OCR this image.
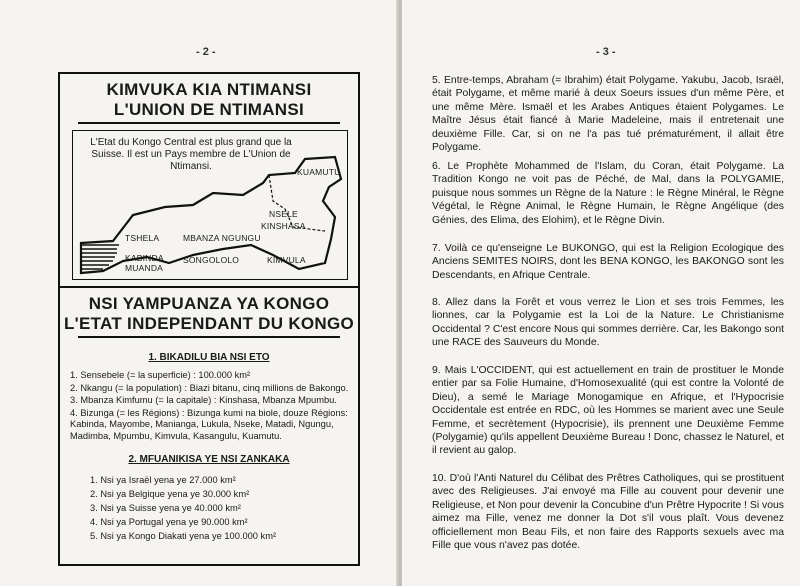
- 2 -
KIMVUKA KIA NTIMANSI
L'UNION DE NTIMANSI
L'Etat du Kongo Central est plus grand que la Suisse. Il est un Pays membre de L'Union de Ntimansi.	KUAMUTU
NSELE
KINSHASA
TSHELA	MBANZA NGUNGU
KABINDA
MUANDA
SONGOLOLO	KIMVULA
NSI YAMPUANZA YA KONGO
L'ETAT INDEPENDANT DU KONGO
1. BIKADILU BIA NSI ETO
1. Sensebele (= la superficie) : 100.000 km²
2. Nkangu (= la population) : Biazi bitanu, cinq millions de Bakongo.
3. Mbanza Kimfumu (= la capitale) : Kinshasa, Mbanza Mpumbu.
4. Bizunga (= les Régions) : Bizunga kumi na biole, douze Régions: Kabinda, Mayombe, Manianga, Lukula, Nseke, Matadi, Ngungu, Madimba, Mpumbu, Kimvula, Kasangulu, Kuamutu.
2. MFUANIKISA YE NSI ZANKAKA
1. Nsi ya Israël yena ye 27.000 km²
2. Nsi ya Belgique yena ye 30.000 km²
3. Nsi ya Suisse yena ye 40.000 km²
4. Nsi ya Portugal yena ye 90.000 km²
5. Nsi ya Kongo Diakati yena ye 100.000 km²
- 3 -
5. Entre-temps, Abraham (= Ibrahim) était Polygame. Yakubu, Jacob, Israël, était Polygame, et même marié à deux Soeurs issues d'un même Père, et une même Mère. Ismaël et les Arabes Antiques étaient Polygames. Le Maître Jésus était fiancé à Marie Madeleine, mais il entretenait une deuxième Fille. Car, si on ne l'a pas tué prématurément, il allait être Polygame.
6. Le Prophète Mohammed de l'Islam, du Coran, était Polygame. La Tradition Kongo ne voit pas de Péché, de Mal, dans la POLYGAMIE, puisque nous sommes un Règne de la Nature : le Règne Minéral, le Règne Végétal, le Règne Animal, le Règne Humain, le Règne Angélique (des Génies, des Elima, des Elohim), et le Règne Divin.
7. Voilà ce qu'enseigne Le BUKONGO, qui est la Religion Ecologique des Anciens SEMITES NOIRS, dont les BENA KONGO, les BAKONGO sont les Descendants, en Afrique Centrale.
8. Allez dans la Forêt et vous verrez le Lion et ses trois Femmes, les lionnes, car la Polygamie est la Loi de la Nature. Le Christianisme Occidental ? C'est encore Nous qui sommes derrière. Car, les Bakongo sont une RACE des Sauveurs du Monde.
9. Mais L'OCCIDENT, qui est actuellement en train de prostituer le Monde entier par sa Folie Humaine, d'Homosexualité (qui est contre la Volonté de Dieu), a semé le Mariage Monogamique en Afrique, et l'Hypocrisie Occidentale est entrée en RDC, où les Hommes se marient avec une Seule Femme, et secrètement (Hypocrisie), ils prennent une Deuxième Femme (Polygamie) qu'ils appellent Deuxième Bureau ! Donc, chassez le Naturel, et il revient au galop.
10. D'où l'Anti Naturel du Célibat des Prêtres Catholiques, qui se prostituent avec des Religieuses. J'ai envoyé ma Fille au couvent pour devenir une Religieuse, et Non pour devenir la Concubine d'un Prêtre Hypocrite ! Si vous aimez ma Fille, venez me donner la Dot s'il vous plaît. Vous devenez officiellement mon Beau Fils, et non faire des Rapports sexuels avec ma Fille que vous n'avez pas dotée.
